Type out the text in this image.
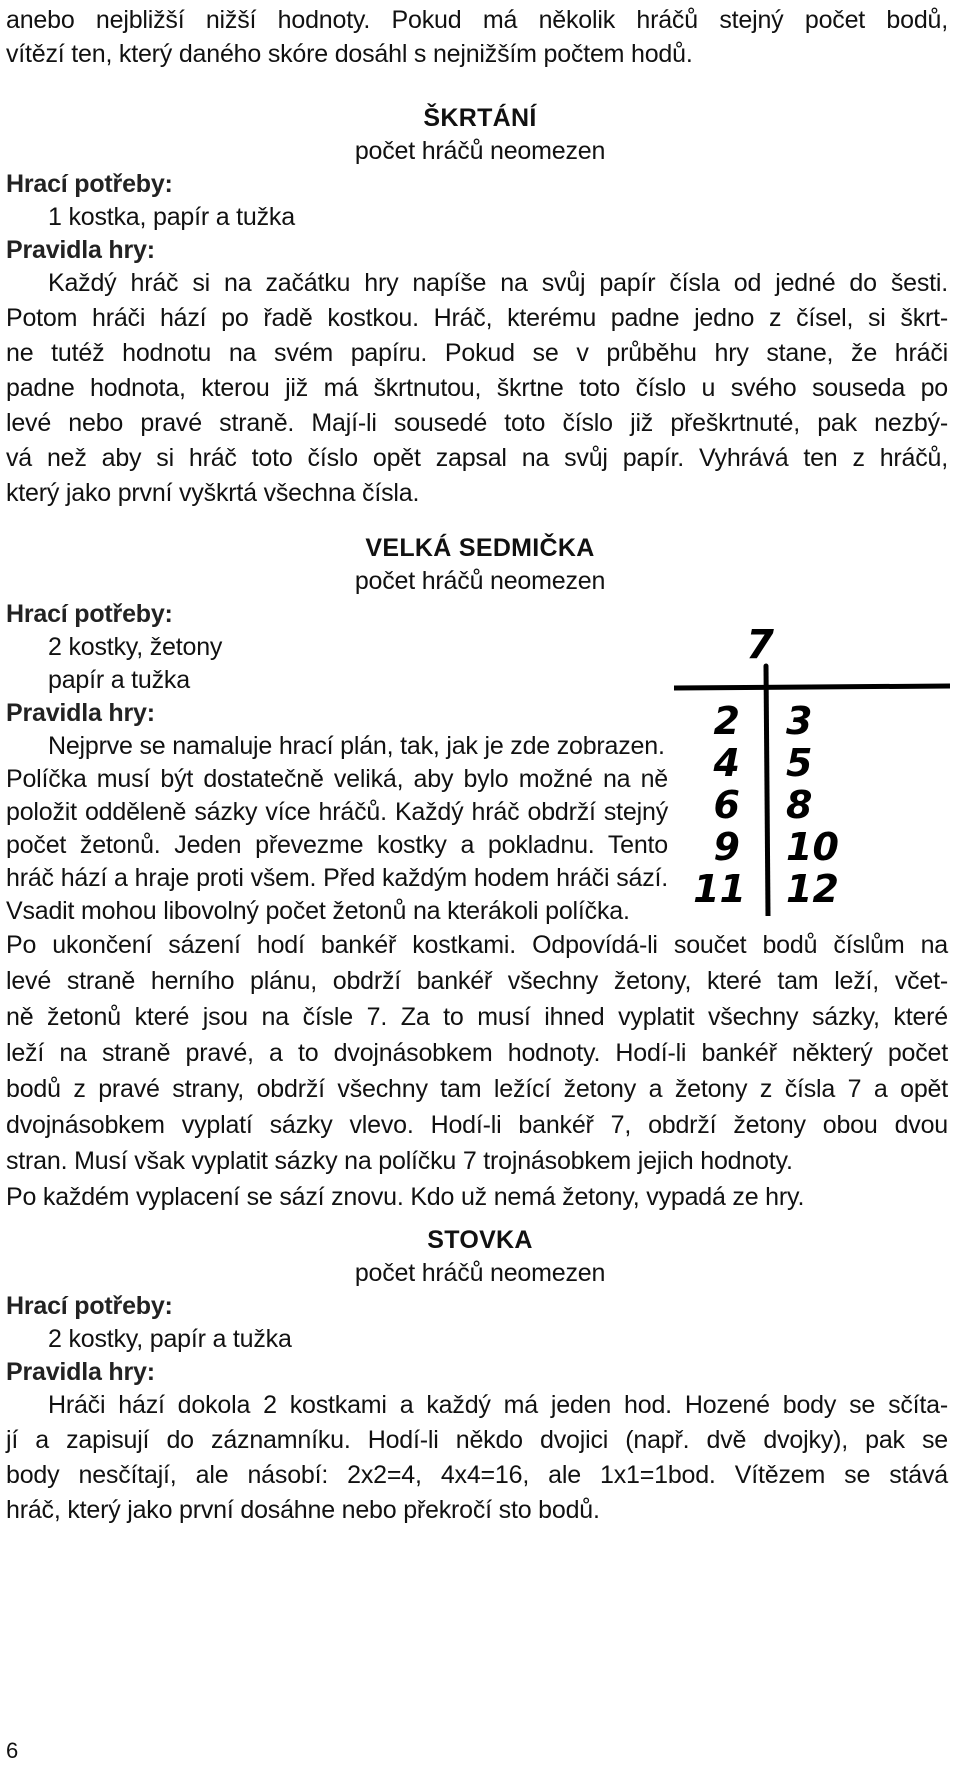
anebo nejbližší nižší hodnoty. Pokud má několik hráčů stejný počet bodů,
vítězí ten, který daného skóre dosáhl s nejnižším počtem hodů.
ŠKRTÁNÍ
počet hráčů neomezen
Hrací potřeby:
1 kostka, papír a tužka
Pravidla hry:
Každý hráč si na začátku hry napíše na svůj papír čísla od jedné do šesti.
Potom hráči hází po řadě kostkou. Hráč, kterému padne jedno z čísel, si škrt-
ne tutéž hodnotu na svém papíru. Pokud se v průběhu hry stane, že hráči
padne hodnota, kterou již má škrtnutou, škrtne toto číslo u svého souseda po
levé nebo pravé straně. Mají-li sousedé toto číslo již přeškrtnuté, pak nezbý-
vá než aby si hráč toto číslo opět zapsal na svůj papír. Vyhrává ten z hráčů,
který jako první vyškrtá všechna čísla.
VELKÁ SEDMIČKA
počet hráčů neomezen
Hrací potřeby:
2 kostky, žetony
papír a tužka
Pravidla hry:
Nejprve se namaluje hrací plán, tak, jak je zde zobrazen.
Políčka musí být dostatečně veliká, aby bylo možné na ně
položit odděleně sázky více hráčů. Každý hráč obdrží stejný
počet žetonů. Jeden převezme kostky a pokladnu. Tento
hráč hází a hraje proti všem. Před každým hodem hráči sází.
Vsadit mohou libovolný počet žetonů na kterákoli políčka.
Po ukončení sázení hodí bankéř kostkami. Odpovídá-li součet bodů číslům na
levé straně herního plánu, obdrží bankéř všechny žetony, které tam leží, včet-
ně žetonů které jsou na čísle 7. Za to musí ihned vyplatit všechny sázky, které
leží na straně pravé, a to dvojnásobkem hodnoty. Hodí-li bankéř některý počet
bodů z pravé strany, obdrží všechny tam ležící žetony a žetony z čísla 7 a opět
dvojnásobkem vyplatí sázky vlevo. Hodí-li bankéř 7, obdrží žetony obou dvou
stran. Musí však vyplatit sázky na políčku 7 trojnásobkem jejich hodnoty.
Po každém vyplacení se sází znovu. Kdo už nemá žetony, vypadá ze hry.
7
2
4
6
9
11
3
5
8
10
12
STOVKA
počet hráčů neomezen
Hrací potřeby:
2 kostky, papír a tužka
Pravidla hry:
Hráči hází dokola 2 kostkami a každý má jeden hod. Hozené body se sčíta-
jí a zapisují do záznamníku. Hodí-li někdo dvojici (např. dvě dvojky), pak se
body nesčítají, ale násobí: 2x2=4, 4x4=16, ale 1x1=1bod. Vítězem se stává
hráč, který jako první dosáhne nebo překročí sto bodů.
6
